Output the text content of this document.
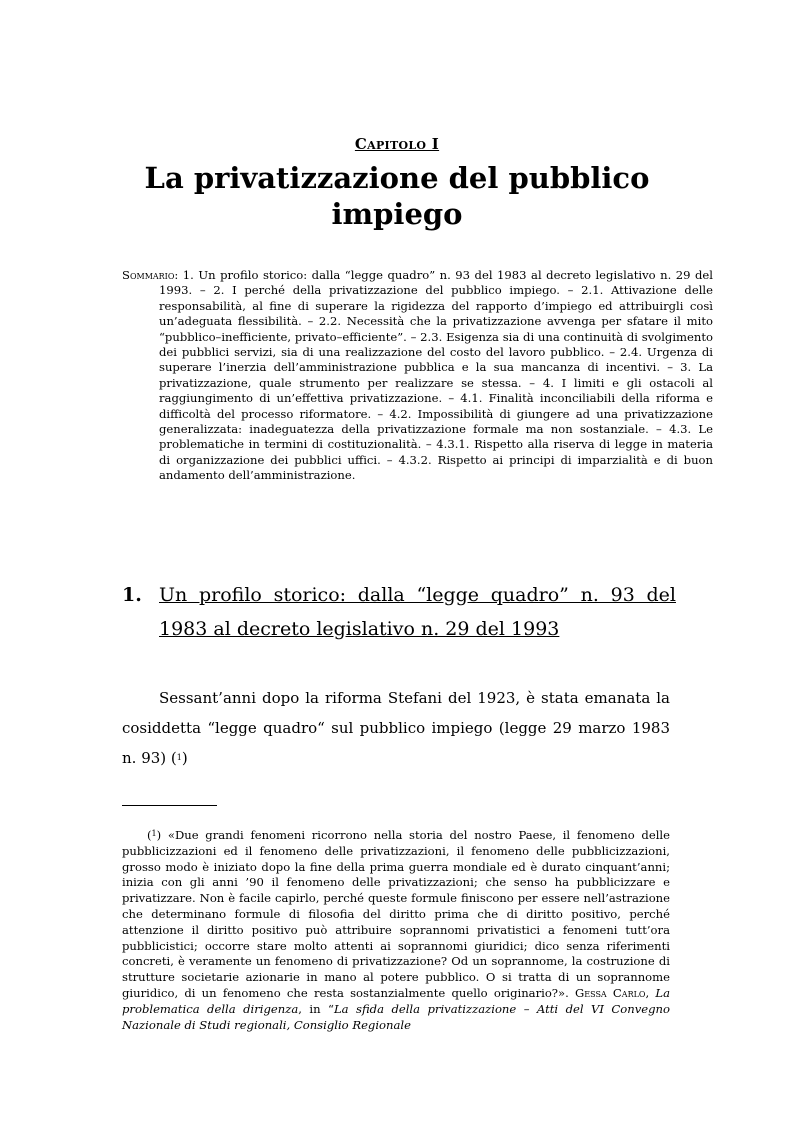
Capitolo I
La privatizzazione del pubblico impiego

Sommario: 1. Un profilo storico: dalla “legge quadro” n. 93 del 1983 al decreto legislativo n. 29 del 1993. – 2. I perché della privatizzazione del pubblico impiego. – 2.1. Attivazione delle responsabilità, al fine di superare la rigidezza del rapporto d’impiego ed attribuirgli così un’adeguata flessibilità. – 2.2. Necessità che la privatizzazione avvenga per sfatare il mito “pubblico–inefficiente, privato–efficiente”. – 2.3. Esigenza sia di una continuità di svolgimento dei pubblici servizi, sia di una realizzazione del costo del lavoro pubblico. – 2.4. Urgenza di superare l’inerzia dell’amministrazione pubblica e la sua mancanza di incentivi. – 3. La privatizzazione, quale strumento per realizzare se stessa. – 4. I limiti e gli ostacoli al raggiungimento di un’effettiva privatizzazione. – 4.1. Finalità inconciliabili della riforma e difficoltà del processo riformatore. – 4.2. Impossibilità di giungere ad una privatizzazione generalizzata: inadeguatezza della privatizzazione formale ma non sostanziale. – 4.3. Le problematiche in termini di costituzionalità. – 4.3.1. Rispetto alla riserva di legge in materia di organizzazione dei pubblici uffici. – 4.3.2. Rispetto ai principi di imparzialità e di buon andamento dell’amministrazione.

1. Un profilo storico: dalla “legge quadro” n. 93 del 1983 al decreto legislativo n. 29 del 1993

Sessant’anni dopo la riforma Stefani del 1923, è stata emanata la cosiddetta “legge quadro“ sul pubblico impiego (legge 29 marzo 1983 n. 93) ($^1$)

($^1$) «Due grandi fenomeni ricorrono nella storia del nostro Paese, il fenomeno delle pubblicizzazioni ed il fenomeno delle privatizzazioni, il fenomeno delle pubblicizzazioni, grosso modo è iniziato dopo la fine della prima guerra mondiale ed è durato cinquant’anni; inizia con gli anni ’90 il fenomeno delle privatizzazioni; che senso ha pubblicizzare e privatizzare. Non è facile capirlo, perché queste formule finiscono per essere nell’astrazione che determinano formule di filosofia del diritto prima che di diritto positivo, perché attenzione il diritto positivo può attribuire soprannomi privatistici a fenomeni tutt’ora pubblicistici; occorre stare molto attenti ai soprannomi giuridici; dico senza riferimenti concreti, è veramente un fenomeno di privatizzazione? Od un soprannome, la costruzione di strutture societarie azionarie in mano al potere pubblico. O si tratta di un soprannome giuridico, di un fenomeno che resta sostanzialmente quello originario?». Gessa Carlo, La problematica della dirigenza, in “La sfida della privatizzazione – Atti del VI Convegno Nazionale di Studi regionali, Consiglio Regionale
